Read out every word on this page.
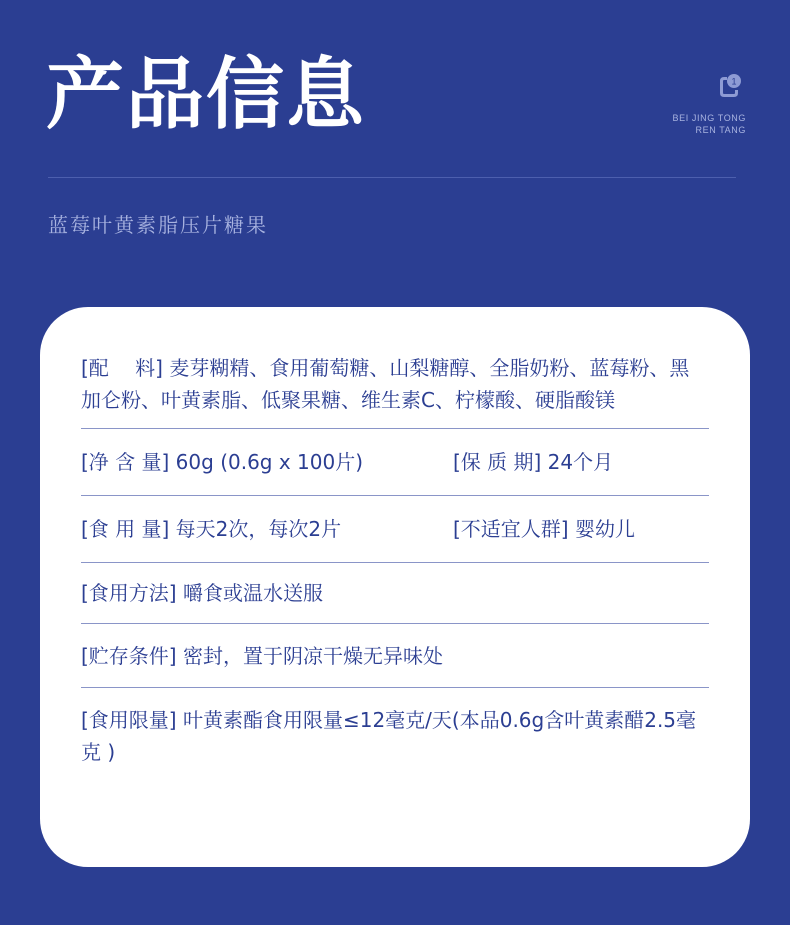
产品信息	1
BEI JING TONG
REN TANG
蓝莓叶黄素脂压片糖果
[配　 料] 麦芽糊精、食用葡萄糖、山梨糖醇、全脂奶粉、蓝莓粉、黑加仑粉、叶黄素脂、低聚果糖、维生素C、柠檬酸、硬脂酸镁
[净 含 量] 60g (0.6g x 100片)	[保 质 期] 24个月
[食 用 量] 每天2次，每次2片	[不适宜人群] 婴幼儿
[食用方法] 嚼食或温水送服
[贮存条件] 密封，置于阴凉干燥无异味处
[食用限量] 叶黄素酯食用限量≤12毫克/天(本品0.6g含叶黄素醋2.5毫克 )
